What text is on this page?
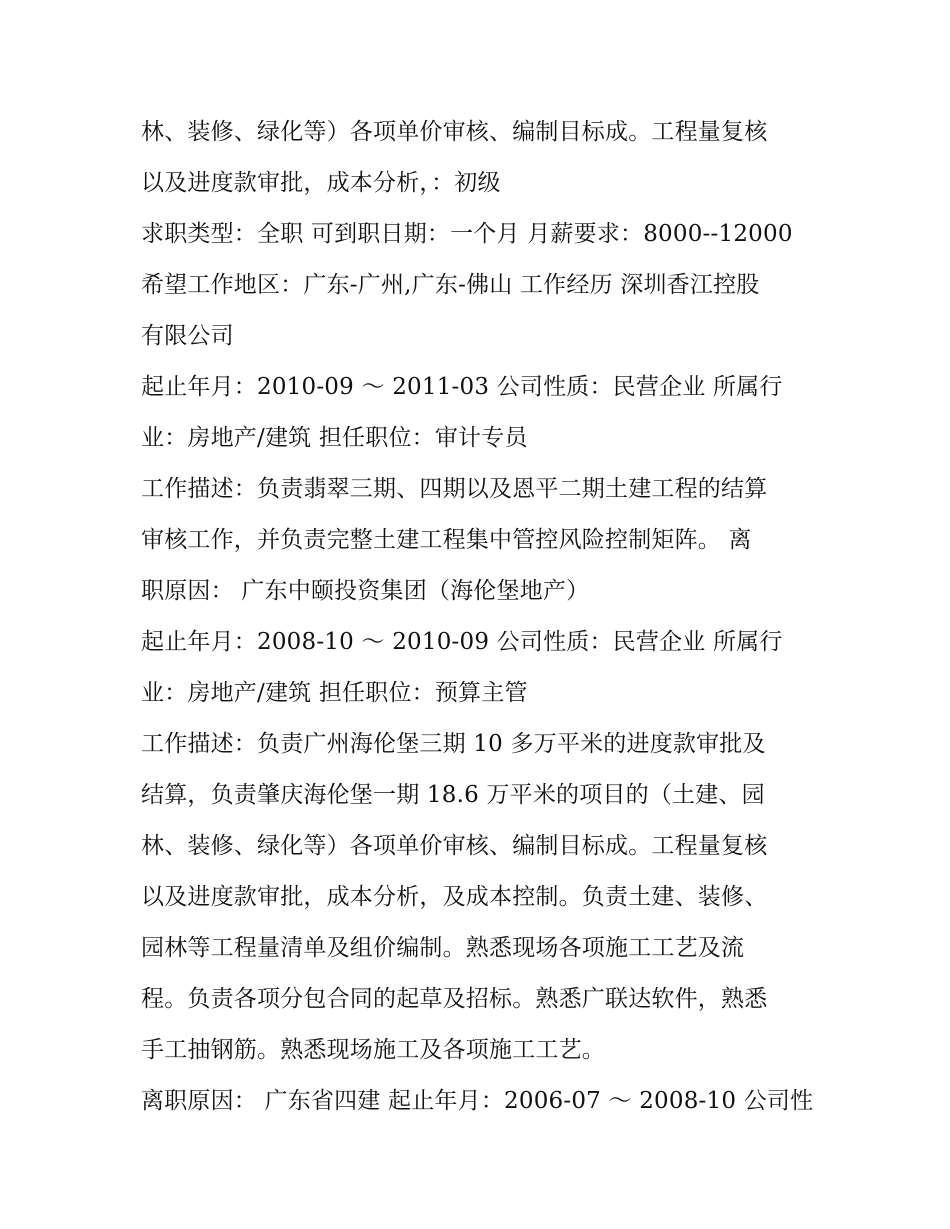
林、装修、绿化等）各项单价审核、编制目标成。工程量复核

以及进度款审批，成本分析，：初级

求职类型：全职 可到职日期：一个月 月薪要求：8000--12000

希望工作地区：广东-广州,广东-佛山 工作经历 深圳香江控股

有限公司

起止年月：2010-09 ～ 2011-03 公司性质：民营企业 所属行

业：房地产/建筑 担任职位：审计专员

工作描述：负责翡翠三期、四期以及恩平二期土建工程的结算

审核工作，并负责完整土建工程集中管控风险控制矩阵。 离

职原因： 广东中颐投资集团（海伦堡地产）

起止年月：2008-10 ～ 2010-09 公司性质：民营企业 所属行

业：房地产/建筑 担任职位：预算主管

工作描述：负责广州海伦堡三期 10 多万平米的进度款审批及

结算，负责肇庆海伦堡一期 18.6 万平米的项目的（土建、园

林、装修、绿化等）各项单价审核、编制目标成。工程量复核

以及进度款审批，成本分析，及成本控制。负责土建、装修、

园林等工程量清单及组价编制。熟悉现场各项施工工艺及流

程。负责各项分包合同的起草及招标。熟悉广联达软件，熟悉

手工抽钢筋。熟悉现场施工及各项施工工艺。

离职原因： 广东省四建 起止年月：2006-07 ～ 2008-10 公司性
